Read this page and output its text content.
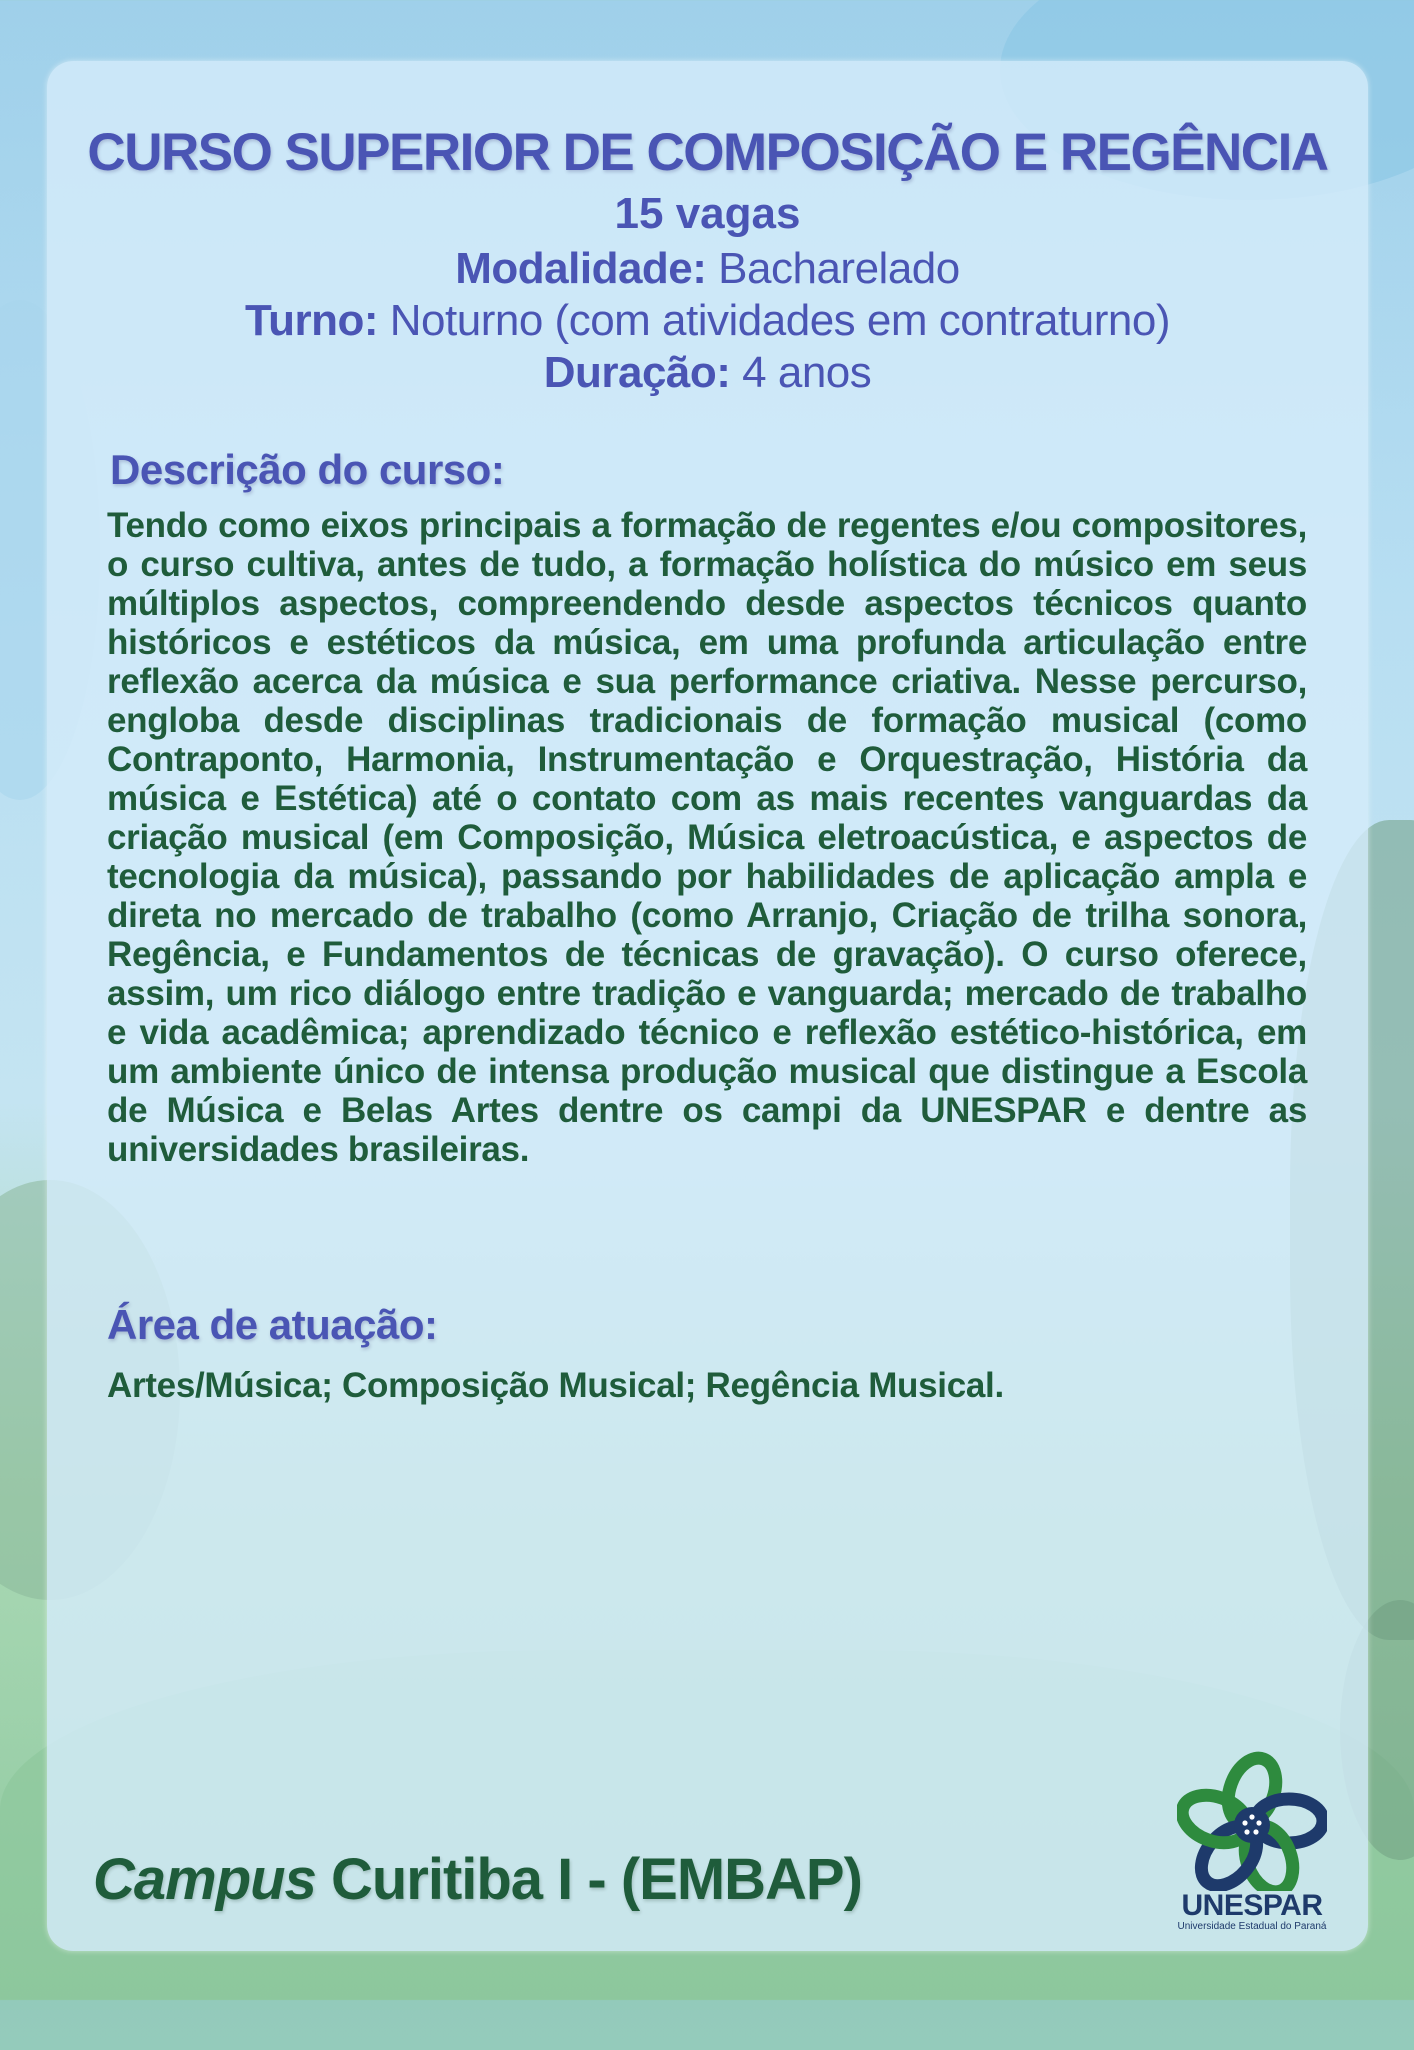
CURSO SUPERIOR DE COMPOSIÇÃO E REGÊNCIA

15 vagas

Modalidade: Bacharelado

Turno: Noturno (com atividades em contraturno)

Duração: 4 anos

Descrição do curso:

Tendo como eixos principais a formação de regentes e/ou compositores, o curso cultiva, antes de tudo, a formação holística do músico em seus múltiplos aspectos, compreendendo desde aspectos técnicos quanto históricos e estéticos da música, em uma profunda articulação entre reflexão acerca da música e sua performance criativa. Nesse percurso, engloba desde disciplinas tradicionais de formação musical (como Contraponto, Harmonia, Instrumentação e Orquestração, História da música e Estética) até o contato com as mais recentes vanguardas da criação musical (em Composição, Música eletroacústica, e aspectos de tecnologia da música), passando por habilidades de aplicação ampla e direta no mercado de trabalho (como Arranjo, Criação de trilha sonora, Regência, e Fundamentos de técnicas de gravação). O curso oferece, assim, um rico diálogo entre tradição e vanguarda; mercado de trabalho e vida acadêmica; aprendizado técnico e reflexão estético-histórica, em um ambiente único de intensa produção musical que distingue a Escola de Música e Belas Artes dentre os campi da UNESPAR e dentre as universidades brasileiras.

Área de atuação:

Artes/Música; Composição Musical; Regência Musical.

Campus Curitiba I - (EMBAP)	UNESPAR
Universidade Estadual do Paraná
